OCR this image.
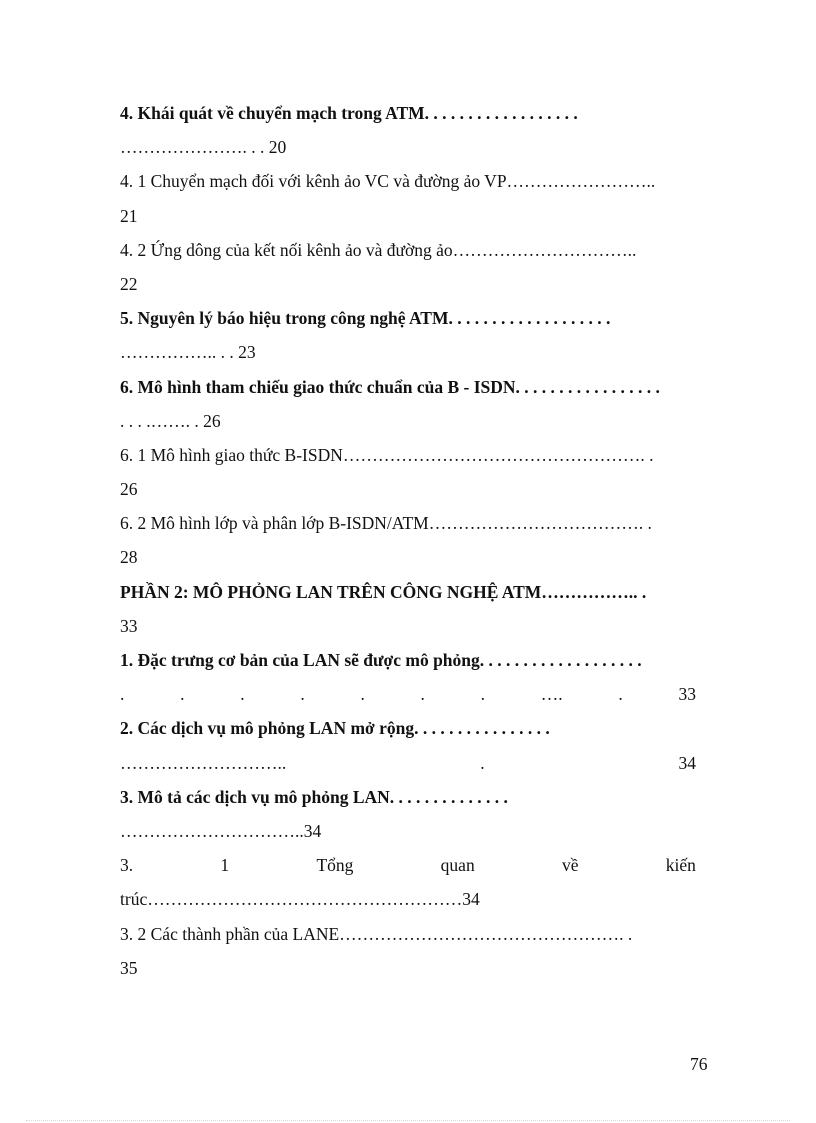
4. Khái quát về chuyển mạch trong ATM. . . . . . . . . . . . . . . . . .
…………………. . . 20
4. 1 Chuyển mạch đối với kênh ảo VC và đường ảo VP……………………..
21
4. 2 Ứng dông của kết nối kênh ảo và đường ảo…………………………..
22
5. Nguyên lý báo hiệu trong công nghệ ATM. . . . . . . . . . . . . . . . . . .
…………….. . . 23
6. Mô hình tham chiếu giao thức chuẩn của B - ISDN. . . . . . . . . . . . . . . . .
. . . .……. . 26
6. 1 Mô hình giao thức B-ISDN……………………………………………. .
26
6. 2 Mô hình lớp và phân lớp B-ISDN/ATM………………………………. .
28
PHẦN 2: MÔ PHỎNG LAN TRÊN CÔNG NGHỆ ATM…………….. .
33
1. Đặc trưng cơ bản của LAN sẽ được mô phỏng. . . . . . . . . . . . . . . . . . .
.	.	.	.	.	.	.	….	.	33
2. Các dịch vụ mô phỏng LAN mở rộng. . . . . . . . . . . . . . . .
………………………..	.	34
3. Mô tả các dịch vụ mô phỏng LAN. . . . . . . . . . . . . .
…………………………..34
3.	1	Tổng	quan	về	kiến
trúc………………………………………………34
3. 2 Các thành phần của LANE…………………………………………. .
35
76
